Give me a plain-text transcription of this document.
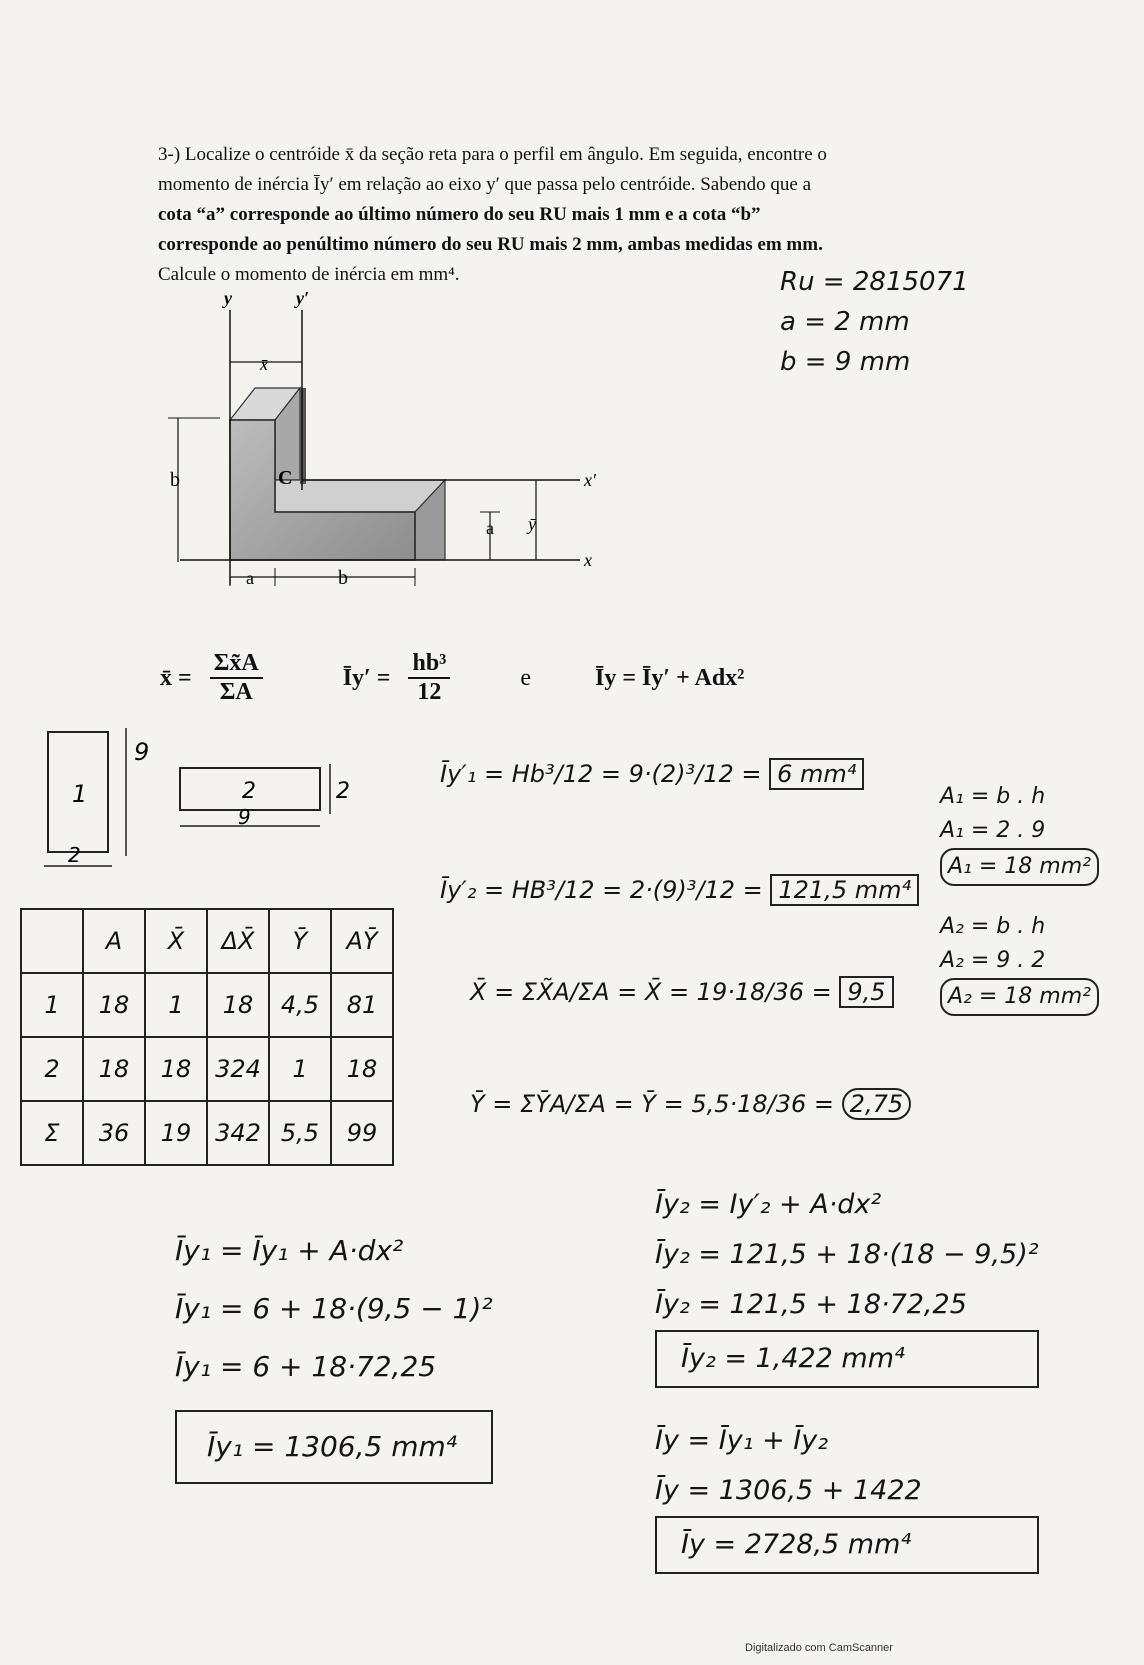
3-) Localize o centróide x̄ da seção reta para o perfil em ângulo. Em seguida, encontre o
momento de inércia Īy′ em relação ao eixo y′ que passa pelo centróide. Sabendo que a
cota “a” corresponde ao último número do seu RU mais 1 mm e a cota “b”
corresponde ao penúltimo número do seu RU mais 2 mm, ambas medidas em mm.
Calcule o momento de inércia em mm⁴.	Ru = 2815071
a = 2 mm
b = 9 mm
y	y′
x̄
b	C	x′
a ȳ
x
a	b
x̄ = $\frac{\Sigma x̃A}{\Sigma A}$	Īy′ = $\frac{\text{hb³}}{12}$	e	Īy = Īy′ + Adx²
1
9
2
2	2
9
	A	X̄	ΔX̄	Ȳ	AȲ
1	18	1	18	4,5	81
2	18	18	324	1	18
Σ	36	19	342	5,5	99
Īy′₁ = Hb³/12 = 9·(2)³/12 = 6 mm⁴
Īy′₂ = HB³/12 = 2·(9)³/12 = 121,5 mm⁴
X̄ = ΣX̃A/ΣA = X̄ = 19·18/36 = 9,5
Ȳ = ΣȲA/ΣA = Ȳ = 5,5·18/36 = 2,75
A₁ = b . h
A₁ = 2 . 9
A₁ = 18 mm²
A₂ = b . h
A₂ = 9 . 2
A₂ = 18 mm²
Īy₁ = Īy₁ + A·dx²
Īy₁ = 6 + 18·(9,5 − 1)²
Īy₁ = 6 + 18·72,25
Īy₁ = 1306,5 mm⁴
Īy₂ = Iy′₂ + A·dx²
Īy₂ = 121,5 + 18·(18 − 9,5)²
Īy₂ = 121,5 + 18·72,25
Īy₂ = 1,422 mm⁴
Īy = Īy₁ + Īy₂
Īy = 1306,5 + 1422
Īy = 2728,5 mm⁴
Digitalizado com CamScanner
